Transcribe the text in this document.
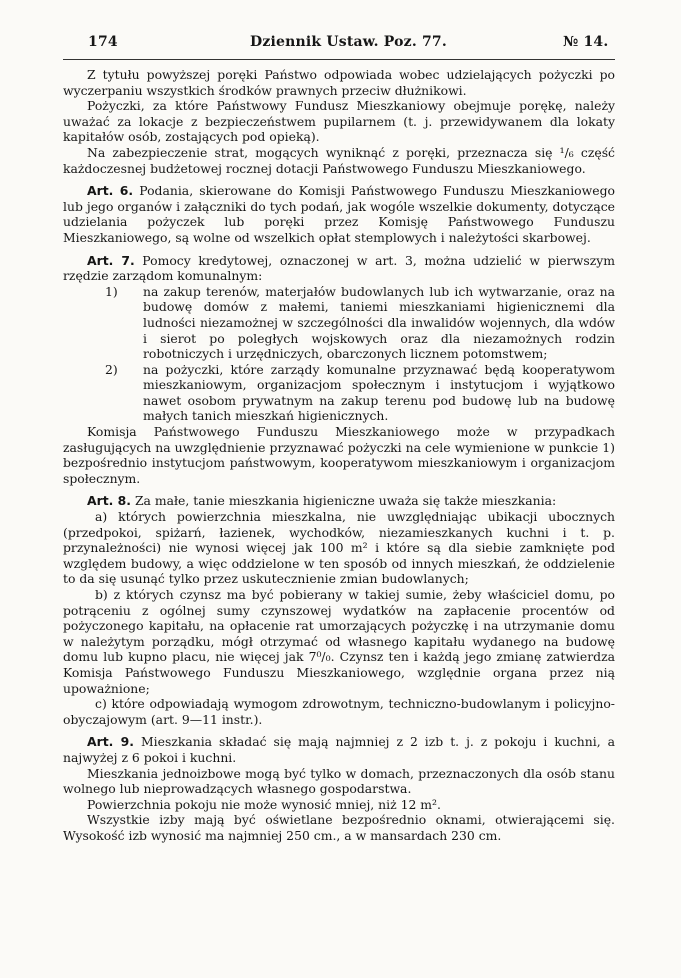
174	Dziennik Ustaw. Poz. 77.	№ 14.

Z tytułu powyższej poręki Państwo odpowiada wobec udzielających pożyczki po wyczerpaniu wszystkich środków prawnych przeciw dłużnikowi.

Pożyczki, za które Państwowy Fundusz Mieszkaniowy obejmuje porękę, należy uważać za lokacje z bezpieczeństwem pupilarnem (t. j. przewidywanem dla lokaty kapitałów osób, zostających pod opieką).

Na zabezpieczenie strat, mogących wyniknąć z poręki, przeznacza się ¹/₆ część każdoczesnej budżetowej rocznej dotacji Państwowego Funduszu Mieszkaniowego.

Art. 6. Podania, skierowane do Komisji Państwowego Funduszu Mieszkaniowego lub jego organów i załączniki do tych podań, jak wogóle wszelkie dokumenty, dotyczące udzielania pożyczek lub poręki przez Komisję Państwowego Funduszu Mieszkaniowego, są wolne od wszelkich opłat stemplowych i należytości skarbowej.

Art. 7. Pomocy kredytowej, oznaczonej w art. 3, można udzielić w pierwszym rzędzie zarządom komunalnym:

1) na zakup terenów, materjałów budowlanych lub ich wytwarzanie, oraz na budowę domów z małemi, taniemi mieszkaniami higienicznemi dla ludności niezamożnej w szczególności dla inwalidów wojennych, dla wdów i sierot po poległych wojskowych oraz dla niezamożnych rodzin robotniczych i urzędniczych, obarczonych licznem potomstwem;

2) na pożyczki, które zarządy komunalne przyznawać będą kooperatywom mieszkaniowym, organizacjom społecznym i instytucjom i wyjątkowo nawet osobom prywatnym na zakup terenu pod budowę lub na budowę małych tanich mieszkań higienicznych.

Komisja Państwowego Funduszu Mieszkaniowego może w przypadkach zasługujących na uwzględnienie przyznawać pożyczki na cele wymienione w punkcie 1) bezpośrednio instytucjom państwowym, kooperatywom mieszkaniowym i organizacjom społecznym.

Art. 8. Za małe, tanie mieszkania higieniczne uważa się także mieszkania:

a) których powierzchnia mieszkalna, nie uwzględniając ubikacji ubocznych (przedpokoi, spiżarń, łazienek, wychodków, niezamieszkanych kuchni i t. p. przynależności) nie wynosi więcej jak 100 m² i które są dla siebie zamknięte pod względem budowy, a więc oddzielone w ten sposób od innych mieszkań, że oddzielenie to da się usunąć tylko przez uskutecznienie zmian budowlanych;

b) z których czynsz ma być pobierany w takiej sumie, żeby właściciel domu, po potrąceniu z ogólnej sumy czynszowej wydatków na zapłacenie procentów od pożyczonego kapitału, na opłacenie rat umorzających pożyczkę i na utrzymanie domu w należytym porządku, mógł otrzymać od własnego kapitału wydanego na budowę domu lub kupno placu, nie więcej jak 7⁰/₀. Czynsz ten i każdą jego zmianę zatwierdza Komisja Państwowego Funduszu Mieszkaniowego, względnie organa przez nią upoważnione;

c) które odpowiadają wymogom zdrowotnym, techniczno-budowlanym i policyjno-obyczajowym (art. 9—11 instr.).

Art. 9. Mieszkania składać się mają najmniej z 2 izb t. j. z pokoju i kuchni, a najwyżej z 6 pokoi i kuchni.

Mieszkania jednoizbowe mogą być tylko w domach, przeznaczonych dla osób stanu wolnego lub nieprowadzących własnego gospodarstwa.

Powierzchnia pokoju nie może wynosić mniej, niż 12 m².

Wszystkie izby mają być oświetlane bezpośrednio oknami, otwierającemi się. Wysokość izb wynosić ma najmniej 250 cm., a w mansardach 230 cm.
